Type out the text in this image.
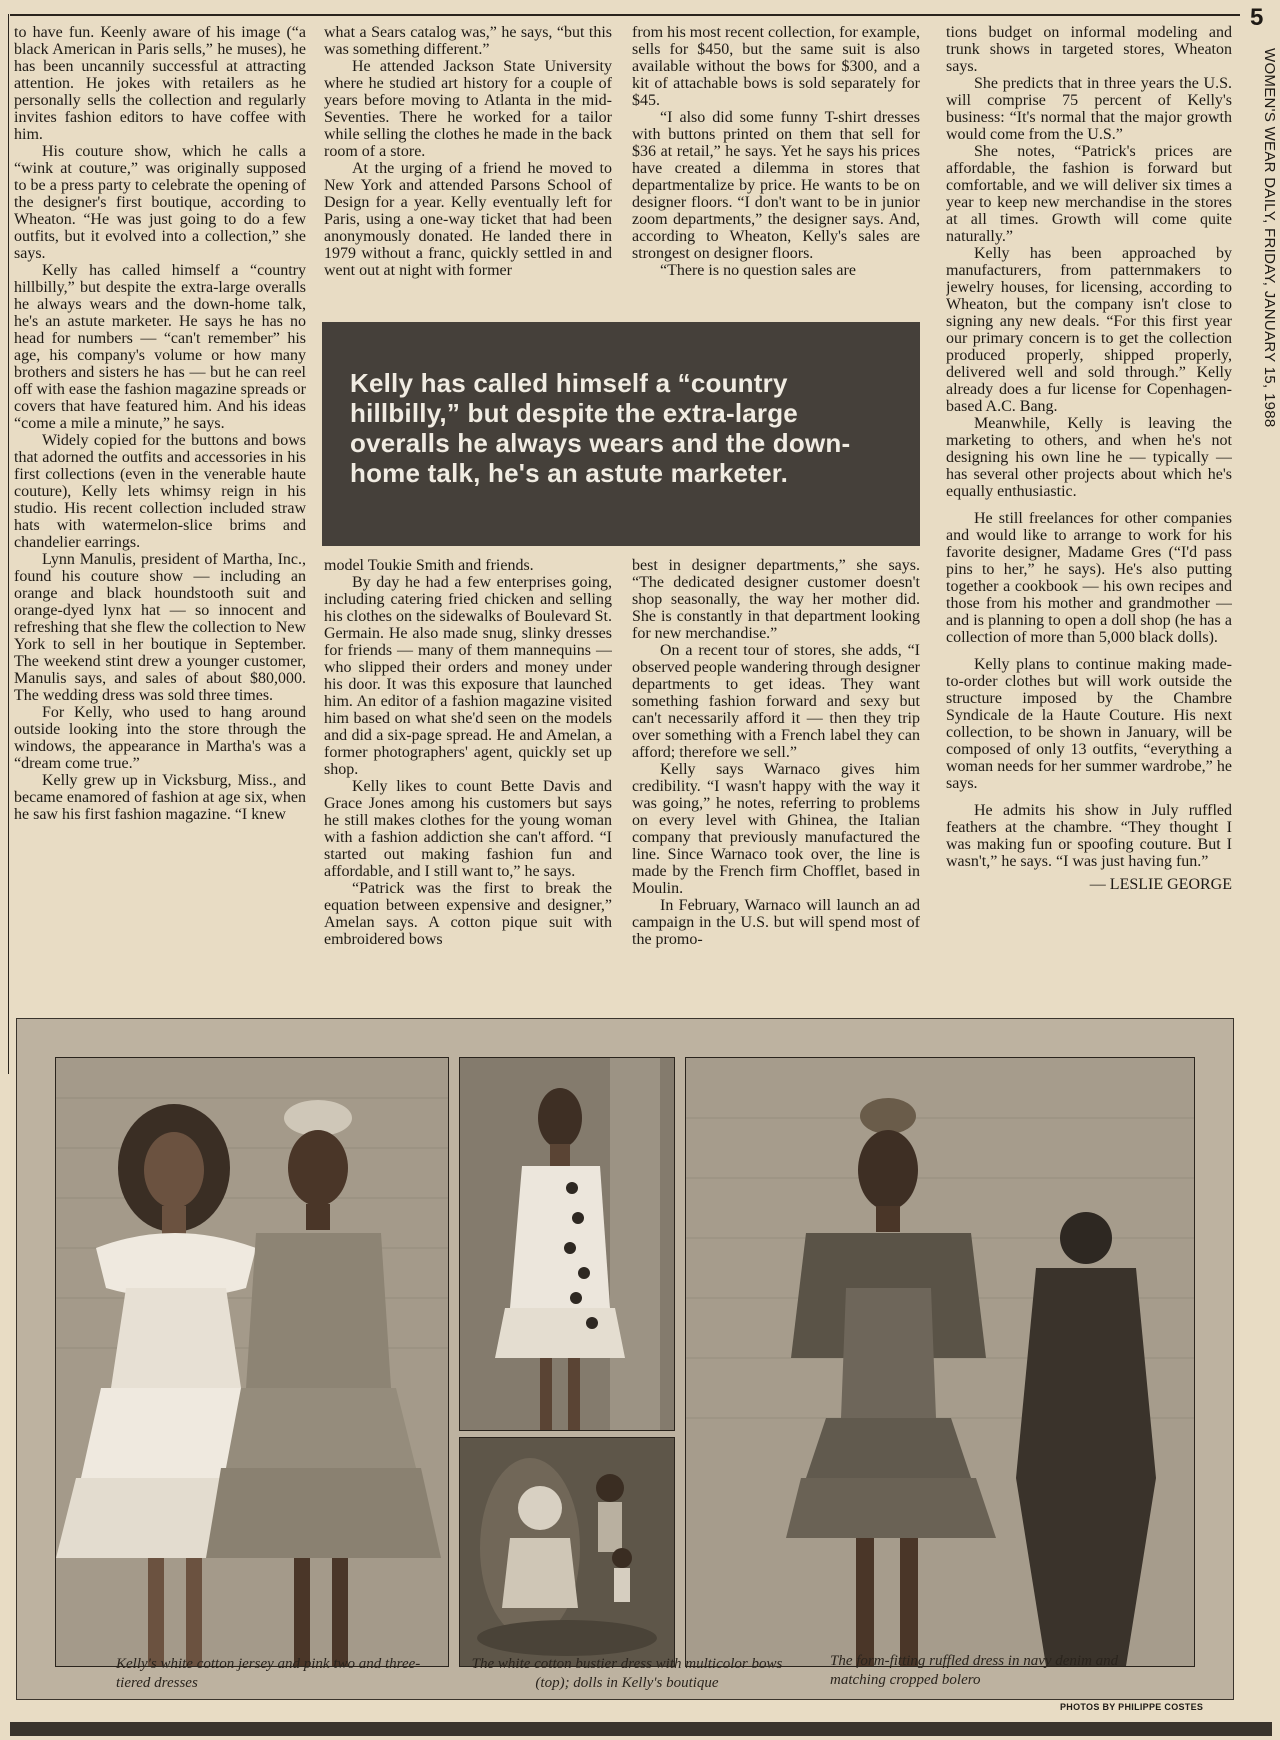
5
WOMEN'S WEAR DAILY, FRIDAY, JANUARY 15, 1988

to have fun. Keenly aware of his image (“a black American in Paris sells,” he muses), he has been uncannily successful at attracting attention. He jokes with retailers as he personally sells the collection and regularly invites fashion editors to have coffee with him.

His couture show, which he calls a “wink at couture,” was originally supposed to be a press party to celebrate the opening of the designer's first boutique, according to Wheaton. “He was just going to do a few outfits, but it evolved into a collection,” she says.

Kelly has called himself a “country hillbilly,” but despite the extra-large overalls he always wears and the down-home talk, he's an astute marketer. He says he has no head for numbers — “can't remember” his age, his company's volume or how many brothers and sisters he has — but he can reel off with ease the fashion magazine spreads or covers that have featured him. And his ideas “come a mile a minute,” he says.

Widely copied for the buttons and bows that adorned the outfits and accessories in his first collections (even in the venerable haute couture), Kelly lets whimsy reign in his studio. His recent collection included straw hats with watermelon-slice brims and chandelier earrings.

Lynn Manulis, president of Martha, Inc., found his couture show — including an orange and black houndstooth suit and orange-dyed lynx hat — so innocent and refreshing that she flew the collection to New York to sell in her boutique in September. The weekend stint drew a younger customer, Manulis says, and sales of about $80,000. The wedding dress was sold three times.

For Kelly, who used to hang around outside looking into the store through the windows, the appearance in Martha's was a “dream come true.”

Kelly grew up in Vicksburg, Miss., and became enamored of fashion at age six, when he saw his first fashion magazine. “I knew

what a Sears catalog was,” he says, “but this was something different.”

He attended Jackson State University where he studied art history for a couple of years before moving to Atlanta in the mid-Seventies. There he worked for a tailor while selling the clothes he made in the back room of a store.

At the urging of a friend he moved to New York and attended Parsons School of Design for a year. Kelly eventually left for Paris, using a one-way ticket that had been anonymously donated. He landed there in 1979 without a franc, quickly settled in and went out at night with former

from his most recent collection, for example, sells for $450, but the same suit is also available without the bows for $300, and a kit of attachable bows is sold separately for $45.

“I also did some funny T-shirt dresses with buttons printed on them that sell for $36 at retail,” he says. Yet he says his prices have created a dilemma in stores that departmentalize by price. He wants to be on designer floors. “I don't want to be in junior zoom departments,” the designer says. And, according to Wheaton, Kelly's sales are strongest on designer floors.

“There is no question sales are

Kelly has called himself a “country hillbilly,” but despite the extra-large overalls he always wears and the down-home talk, he's an astute marketer.

model Toukie Smith and friends.

By day he had a few enterprises going, including catering fried chicken and selling his clothes on the sidewalks of Boulevard St. Germain. He also made snug, slinky dresses for friends — many of them mannequins — who slipped their orders and money under his door. It was this exposure that launched him. An editor of a fashion magazine visited him based on what she'd seen on the models and did a six-page spread. He and Amelan, a former photographers' agent, quickly set up shop.

Kelly likes to count Bette Davis and Grace Jones among his customers but says he still makes clothes for the young woman with a fashion addiction she can't afford. “I started out making fashion fun and affordable, and I still want to,” he says.

“Patrick was the first to break the equation between expensive and designer,” Amelan says. A cotton pique suit with embroidered bows

best in designer departments,” she says. “The dedicated designer customer doesn't shop seasonally, the way her mother did. She is constantly in that department looking for new merchandise.”

On a recent tour of stores, she adds, “I observed people wandering through designer departments to get ideas. They want something fashion forward and sexy but can't necessarily afford it — then they trip over something with a French label they can afford; therefore we sell.”

Kelly says Warnaco gives him credibility. “I wasn't happy with the way it was going,” he notes, referring to problems on every level with Ghinea, the Italian company that previously manufactured the line. Since Warnaco took over, the line is made by the French firm Chofflet, based in Moulin.

In February, Warnaco will launch an ad campaign in the U.S. but will spend most of the promo-

tions budget on informal modeling and trunk shows in targeted stores, Wheaton says.

She predicts that in three years the U.S. will comprise 75 percent of Kelly's business: “It's normal that the major growth would come from the U.S.”

She notes, “Patrick's prices are affordable, the fashion is forward but comfortable, and we will deliver six times a year to keep new merchandise in the stores at all times. Growth will come quite naturally.”

Kelly has been approached by manufacturers, from patternmakers to jewelry houses, for licensing, according to Wheaton, but the company isn't close to signing any new deals. “For this first year our primary concern is to get the collection produced properly, shipped properly, delivered well and sold through.” Kelly already does a fur license for Copenhagen-based A.C. Bang.

Meanwhile, Kelly is leaving the marketing to others, and when he's not designing his own line he — typically — has several other projects about which he's equally enthusiastic.

He still freelances for other companies and would like to arrange to work for his favorite designer, Madame Gres (“I'd pass pins to her,” he says). He's also putting together a cookbook — his own recipes and those from his mother and grandmother — and is planning to open a doll shop (he has a collection of more than 5,000 black dolls).

Kelly plans to continue making made-to-order clothes but will work outside the structure imposed by the Chambre Syndicale de la Haute Couture. His next collection, to be shown in January, will be composed of only 13 outfits, “everything a woman needs for her summer wardrobe,” he says.

He admits his show in July ruffled feathers at the chambre. “They thought I was making fun or spoofing couture. But I wasn't,” he says. “I was just having fun.”

— LESLIE GEORGE

Kelly's white cotton jersey and pink two and three-tiered dresses
The white cotton bustier dress with multicolor bows (top); dolls in Kelly's boutique
The form-fitting ruffled dress in navy denim and matching cropped bolero
PHOTOS BY PHILIPPE COSTES
